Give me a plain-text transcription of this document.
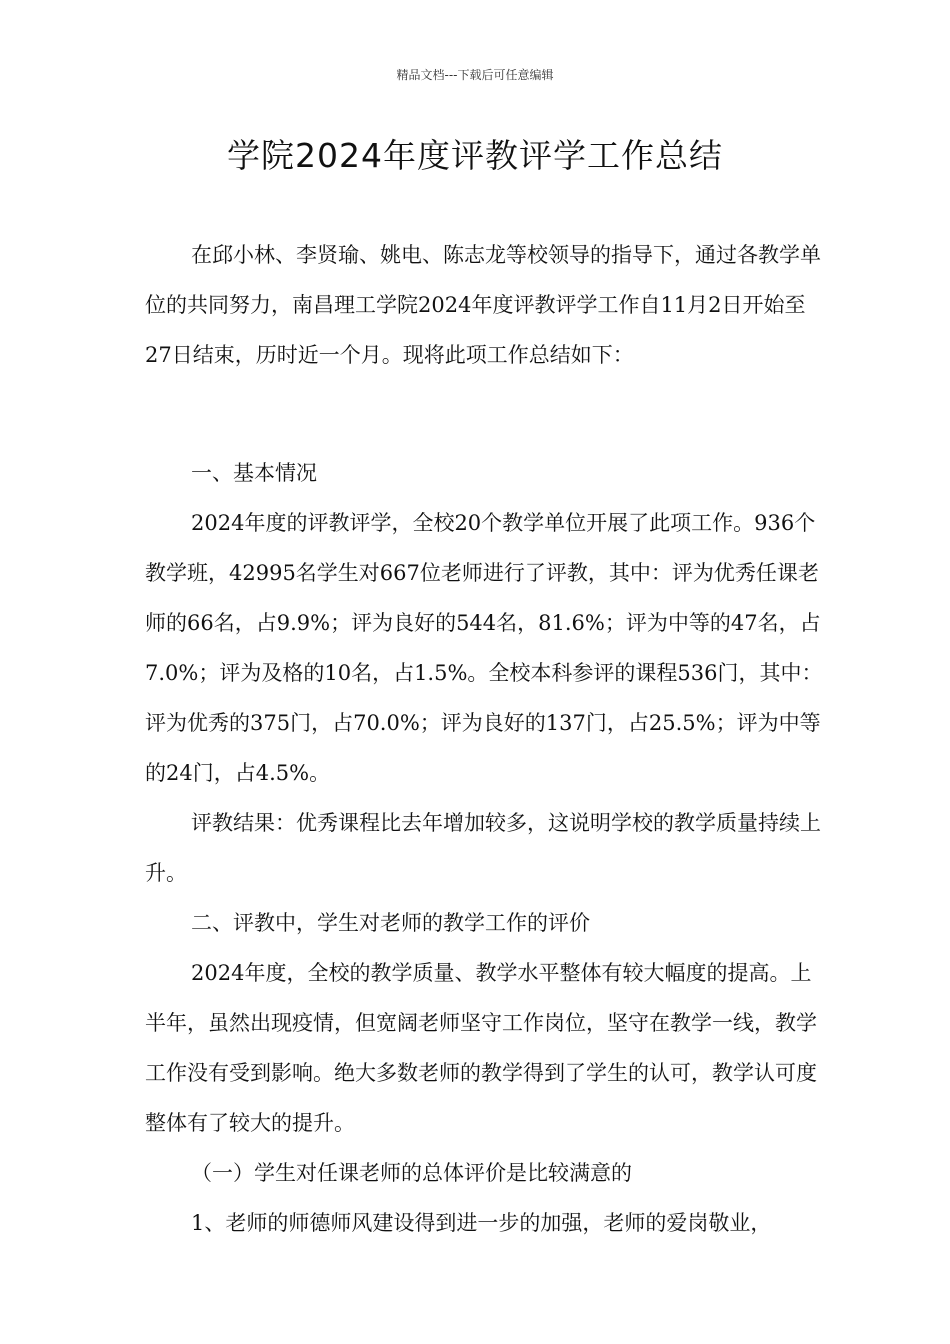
精品文档---下载后可任意编辑
学院2024年度评教评学工作总结

在邱小林、李贤瑜、姚电、陈志龙等校领导的指导下，通过各教学单位的共同努力，南昌理工学院2024年度评教评学工作自11月2日开始至27日结束，历时近一个月。现将此项工作总结如下：

一、基本情况

2024年度的评教评学，全校20个教学单位开展了此项工作。936个教学班，42995名学生对667位老师进行了评教，其中：评为优秀任课老师的66名，占9.9%；评为良好的544名，81.6%；评为中等的47名，占7.0%；评为及格的10名，占1.5%。全校本科参评的课程536门，其中：评为优秀的375门，占70.0%；评为良好的137门，占25.5%；评为中等的24门，占4.5%。

评教结果：优秀课程比去年增加较多，这说明学校的教学质量持续上升。

二、评教中，学生对老师的教学工作的评价

2024年度，全校的教学质量、教学水平整体有较大幅度的提高。上半年，虽然出现疫情，但宽阔老师坚守工作岗位，坚守在教学一线，教学工作没有受到影响。绝大多数老师的教学得到了学生的认可，教学认可度整体有了较大的提升。

（一）学生对任课老师的总体评价是比较满意的

1、老师的师德师风建设得到进一步的加强，老师的爱岗敬业，
